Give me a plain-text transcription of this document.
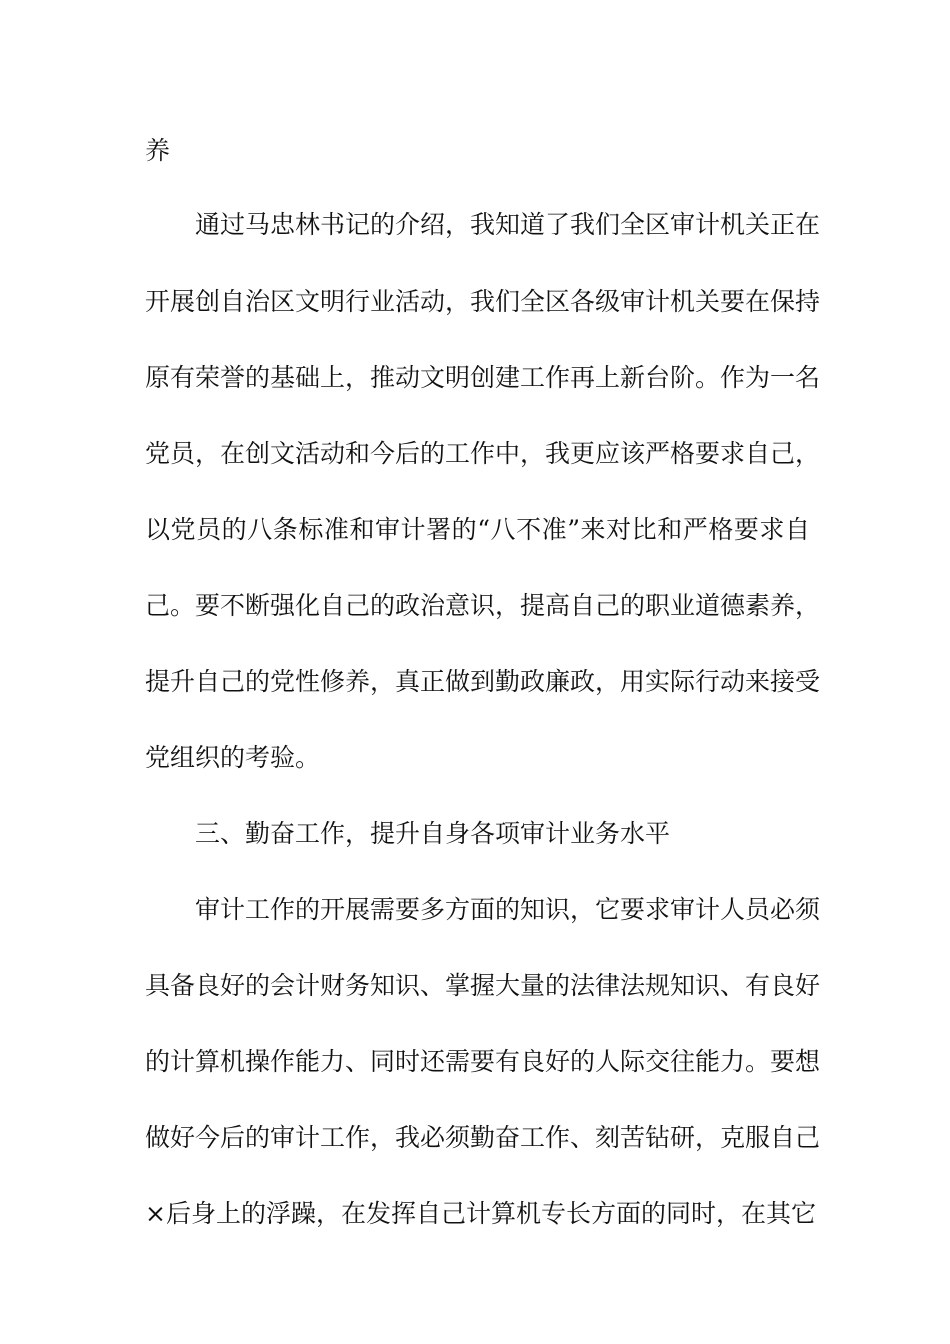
养
通过马忠林书记的介绍，我知道了我们全区审计机关正在
开展创自治区文明行业活动，我们全区各级审计机关要在保持
原有荣誉的基础上，推动文明创建工作再上新台阶。作为一名
党员，在创文活动和今后的工作中，我更应该严格要求自己，
以党员的八条标准和审计署的“八不准”来对比和严格要求自
己。要不断强化自己的政治意识，提高自己的职业道德素养，
提升自己的党性修养，真正做到勤政廉政，用实际行动来接受
党组织的考验。
三、勤奋工作，提升自身各项审计业务水平
审计工作的开展需要多方面的知识，它要求审计人员必须
具备良好的会计财务知识、掌握大量的法律法规知识、有良好
的计算机操作能力、同时还需要有良好的人际交往能力。要想
做好今后的审计工作，我必须勤奋工作、刻苦钻研，克服自己
×后身上的浮躁，在发挥自己计算机专长方面的同时，在其它
